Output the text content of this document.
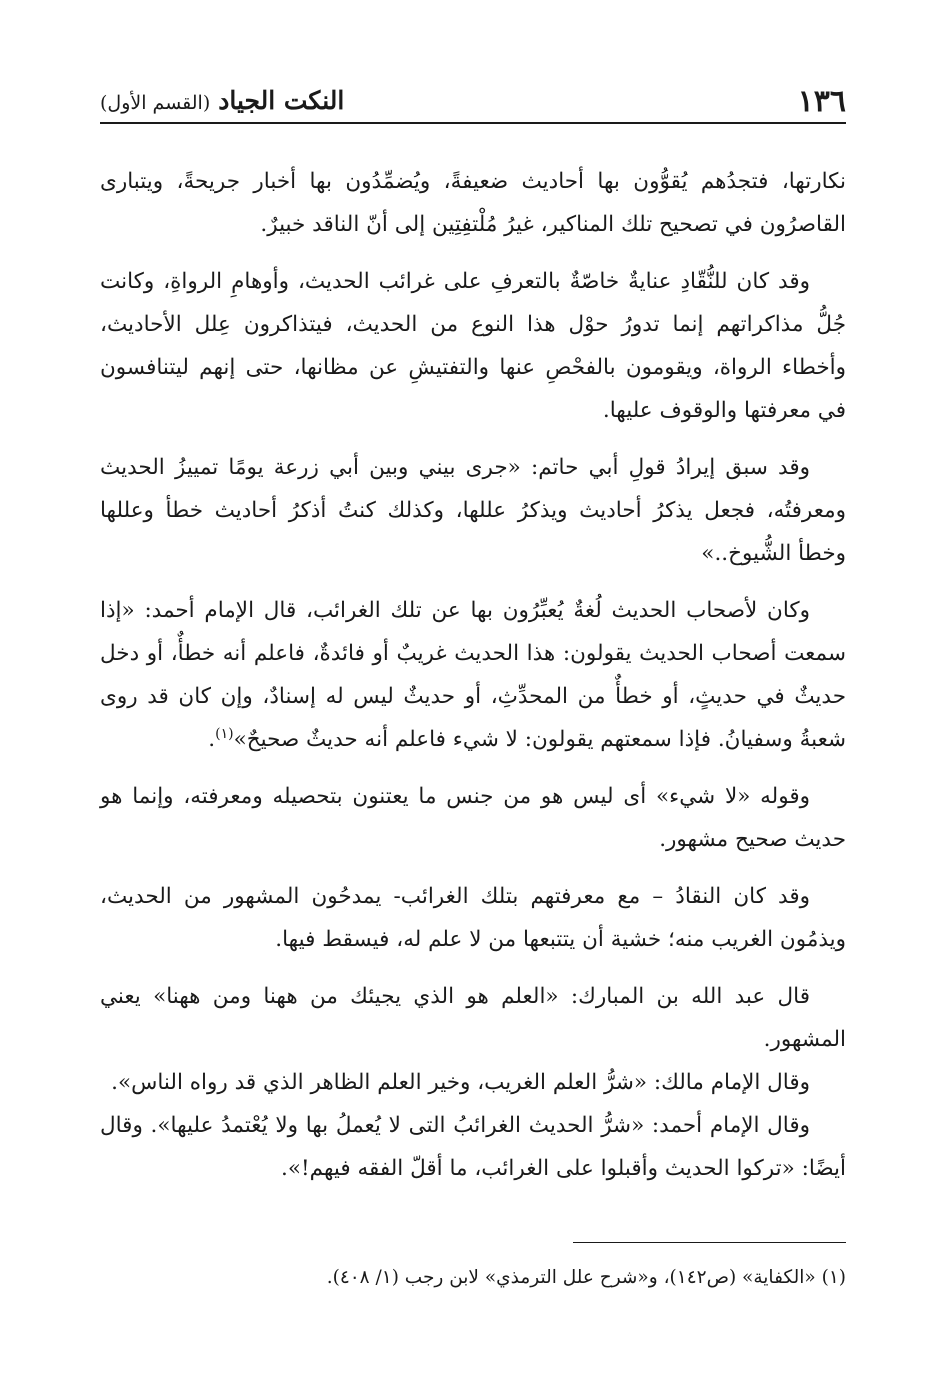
١٣٦
النكت الجياد (القسم الأول)

نكارتها، فتجدُهم يُقوُّون بها أحاديث ضعيفةً، ويُضمِّدُون بها أخبار جريحةً، ويتبارى القاصرُون في تصحيح تلك المناكير، غيرُ مُلْتفِتِين إلى أنّ الناقد خبيرٌ.

وقد كان للنُّقّادِ عنايةٌ خاصّةٌ بالتعرفِ على غرائب الحديث، وأوهامِ الرواةِ، وكانت جُلُّ مذاكراتهم إنما تدورُ حوْل هذا النوع من الحديث، فيتذاكرون عِلل الأحاديث، وأخطاء الرواة، ويقومون بالفحْصِ عنها والتفتيشِ عن مظانها، حتى إنهم ليتنافسون في معرفتها والوقوف عليها.

وقد سبق إيرادُ قولِ أبي حاتم: «جرى بيني وبين أبي زرعة يومًا تمييزُ الحديث ومعرفتُه، فجعل يذكرُ أحاديث ويذكرُ عللها، وكذلك كنتُ أذكرُ أحاديث خطأ وعللها وخطأ الشُّيوخ..»

وكان لأصحاب الحديث لُغةٌ يُعبِّرُون بها عن تلك الغرائب، قال الإمام أحمد: «إذا سمعت أصحاب الحديث يقولون: هذا الحديث غريبٌ أو فائدةٌ، فاعلم أنه خطأٌ، أو دخل حديثٌ في حديثٍ، أو خطأٌ من المحدِّثِ، أو حديثٌ ليس له إسنادٌ، وإن كان قد روى شعبةُ وسفيانُ. فإذا سمعتهم يقولون: لا شيء فاعلم أنه حديثٌ صحيحٌ»$^{(١)}$.

وقوله «لا شيء» أى ليس هو من جنس ما يعتنون بتحصيله ومعرفته، وإنما هو حديث صحيح مشهور.

وقد كان النقادُ – مع معرفتهم بتلك الغرائب- يمدحُون المشهور من الحديث، ويذمُون الغريب منه؛ خشية أن يتتبعها من لا علم له، فيسقط فيها.

قال عبد الله بن المبارك: «العلم هو الذي يجيئك من ههنا ومن ههنا» يعني المشهور.

وقال الإمام مالك: «شرُّ العلم الغريب، وخير العلم الظاهر الذي قد رواه الناس».

وقال الإمام أحمد: «شرُّ الحديث الغرائبُ التى لا يُعملُ بها ولا يُعْتمدُ عليها». وقال أيضًا: «تركوا الحديث وأقبلوا على الغرائب، ما أقلّ الفقه فيهم!».

(١) «الكفاية» (ص١٤٢)، و«شرح علل الترمذي» لابن رجب (١/ ٤٠٨).
